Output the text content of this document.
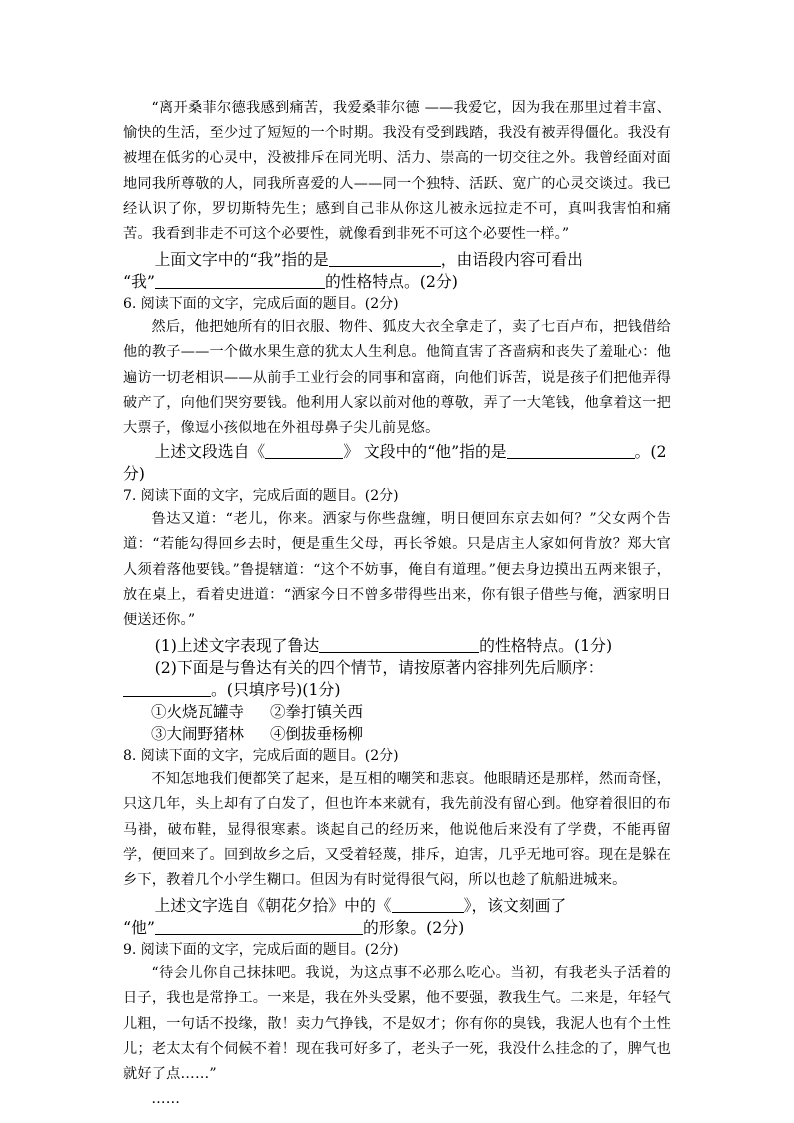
“离开桑菲尔德我感到痛苦，我爱桑菲尔德 ——我爱它，因为我在那里过着丰富、愉快的生活，至少过了短短的一个时期。我没有受到践踏，我没有被弄得僵化。我没有被埋在低劣的心灵中，没被排斥在同光明、活力、崇高的一切交往之外。我曾经面对面地同我所尊敬的人，同我所喜爱的人——同一个独特、活跃、宽广的心灵交谈过。我已经认识了你，罗切斯特先生；感到自己非从你这儿被永远拉走不可，真叫我害怕和痛苦。我看到非走不可这个必要性，就像看到非死不可这个必要性一样。”

上面文字中的“我”指的是	，由语段内容可看出

“我”	的性格特点。(2分)

6. 阅读下面的文字，完成后面的题目。(2分)

然后，他把她所有的旧衣服、物件、狐皮大衣全拿走了，卖了七百卢布，把钱借给他的教子——一个做水果生意的犹太人生利息。他简直害了吝啬病和丧失了羞耻心：他遍访一切老相识——从前手工业行会的同事和富商，向他们诉苦，说是孩子们把他弄得破产了，向他们哭穷要钱。他利用人家以前对他的尊敬，弄了一大笔钱，他拿着这一把大票子，像逗小孩似地在外祖母鼻子尖儿前晃悠。

上述文段选自《	》 文段中的“他”指的是	。(2

分)

7. 阅读下面的文字，完成后面的题目。(2分)

鲁达又道：“老儿，你来。洒家与你些盘缠，明日便回东京去如何？”父女两个告道：“若能勾得回乡去时，便是重生父母，再长爷娘。只是店主人家如何肯放？郑大官人须着落他要钱。”鲁提辖道：“这个不妨事，俺自有道理。”便去身边摸出五两来银子，放在桌上，看着史进道：“洒家今日不曾多带得些出来，你有银子借些与俺，洒家明日便送还你。”

(1)上述文字表现了鲁达	的性格特点。(1分)

(2)下面是与鲁达有关的四个情节，请按原著内容排列先后顺序：

。(只填序号)(1分)

①火烧瓦罐寺 ②拳打镇关西

③大闹野猪林 ④倒拔垂杨柳

8. 阅读下面的文字，完成后面的题目。(2分)

不知怎地我们便都笑了起来，是互相的嘲笑和悲哀。他眼睛还是那样，然而奇怪，只这几年，头上却有了白发了，但也许本来就有，我先前没有留心到。他穿着很旧的布马褂，破布鞋，显得很寒素。谈起自己的经历来，他说他后来没有了学费，不能再留学，便回来了。回到故乡之后，又受着轻蔑，排斥，迫害，几乎无地可容。现在是躲在乡下，教着几个小学生糊口。但因为有时觉得很气闷，所以也趁了航船进城来。

上述文字选自《朝花夕拾》中的《	》，该文刻画了

“他”	的形象。(2分)

9. 阅读下面的文字，完成后面的题目。(2分)

“待会儿你自己抹抹吧。我说，为这点事不必那么吃心。当初，有我老头子活着的日子，我也是常挣工。一来是，我在外头受累，他不要强，教我生气。二来是，年轻气儿粗，一句话不投缘，散！卖力气挣钱，不是奴才；你有你的臭钱，我泥人也有个土性儿；老太太有个伺候不着！现在我可好多了，老头子一死，我没什么挂念的了，脾气也就好了点……”

……
